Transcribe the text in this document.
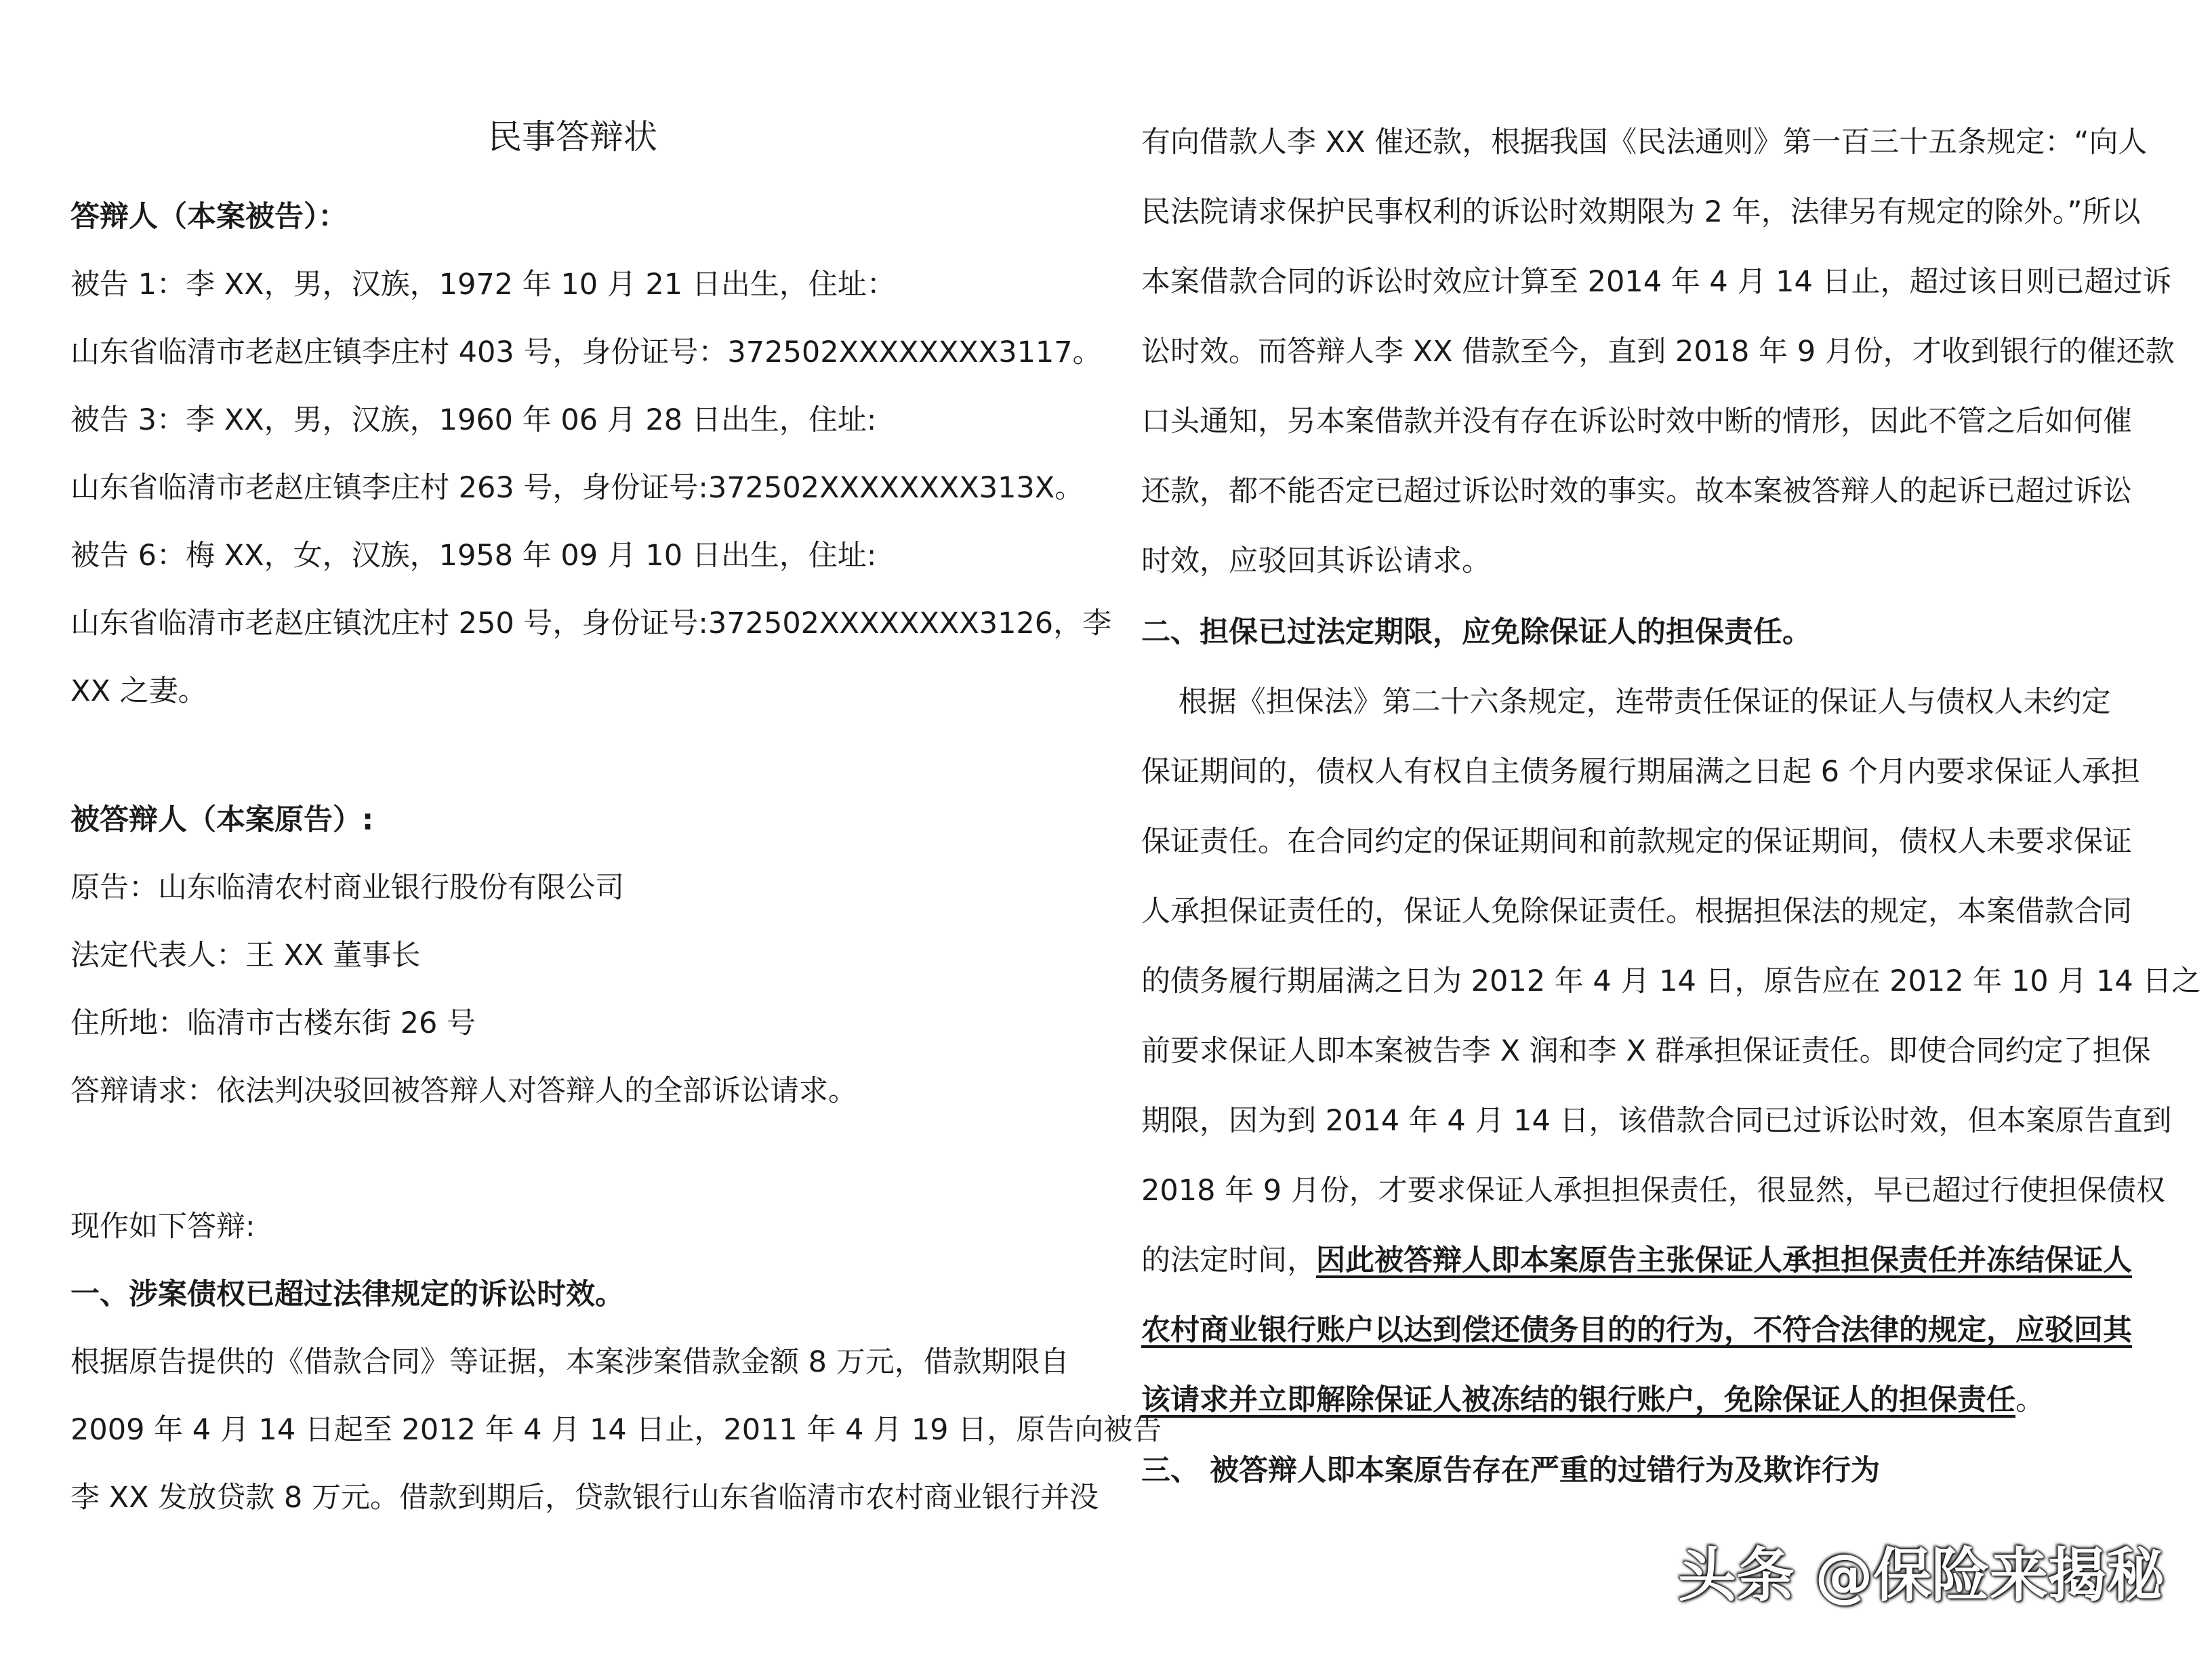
民事答辩状
答辩人（本案被告）：
被告 1：李 XX，男，汉族，1972 年 10 月 21 日出生，住址：
山东省临清市老赵庄镇李庄村 403 号，身份证号：372502XXXXXXXX3117。
被告 3：李 XX，男，汉族，1960 年 06 月 28 日出生，住址:
山东省临清市老赵庄镇李庄村 263 号，身份证号:372502XXXXXXXX313X。
被告 6：梅 XX，女，汉族，1958 年 09 月 10 日出生，住址:
山东省临清市老赵庄镇沈庄村 250 号，身份证号:372502XXXXXXXX3126，李
XX 之妻。
被答辩人（本案原告）:
原告：山东临清农村商业银行股份有限公司
法定代表人：王 XX 董事长
住所地：临清市古楼东街 26 号
答辩请求：依法判决驳回被答辩人对答辩人的全部诉讼请求。
现作如下答辩:
一、涉案债权已超过法律规定的诉讼时效。
根据原告提供的《借款合同》等证据，本案涉案借款金额 8 万元，借款期限自
2009 年 4 月 14 日起至 2012 年 4 月 14 日止，2011 年 4 月 19 日，原告向被告
李 XX 发放贷款 8 万元。借款到期后，贷款银行山东省临清市农村商业银行并没
有向借款人李 XX 催还款，根据我国《民法通则》第一百三十五条规定：“向人
民法院请求保护民事权利的诉讼时效期限为 2 年，法律另有规定的除外。”所以
本案借款合同的诉讼时效应计算至 2014 年 4 月 14 日止，超过该日则已超过诉
讼时效。而答辩人李 XX 借款至今，直到 2018 年 9 月份，才收到银行的催还款
口头通知，另本案借款并没有存在诉讼时效中断的情形，因此不管之后如何催
还款，都不能否定已超过诉讼时效的事实。故本案被答辩人的起诉已超过诉讼
时效，应驳回其诉讼请求。
二、担保已过法定期限，应免除保证人的担保责任。
根据《担保法》第二十六条规定，连带责任保证的保证人与债权人未约定
保证期间的，债权人有权自主债务履行期届满之日起 6 个月内要求保证人承担
保证责任。在合同约定的保证期间和前款规定的保证期间，债权人未要求保证
人承担保证责任的，保证人免除保证责任。根据担保法的规定，本案借款合同
的债务履行期届满之日为 2012 年 4 月 14 日，原告应在 2012 年 10 月 14 日之
前要求保证人即本案被告李 X 润和李 X 群承担保证责任。即使合同约定了担保
期限，因为到 2014 年 4 月 14 日，该借款合同已过诉讼时效，但本案原告直到
2018 年 9 月份，才要求保证人承担担保责任，很显然，早已超过行使担保债权
的法定时间，因此被答辩人即本案原告主张保证人承担担保责任并冻结保证人
农村商业银行账户以达到偿还债务目的的行为，不符合法律的规定，应驳回其
该请求并立即解除保证人被冻结的银行账户，免除保证人的担保责任。
三、 被答辩人即本案原告存在严重的过错行为及欺诈行为
头条 @保险来揭秘
